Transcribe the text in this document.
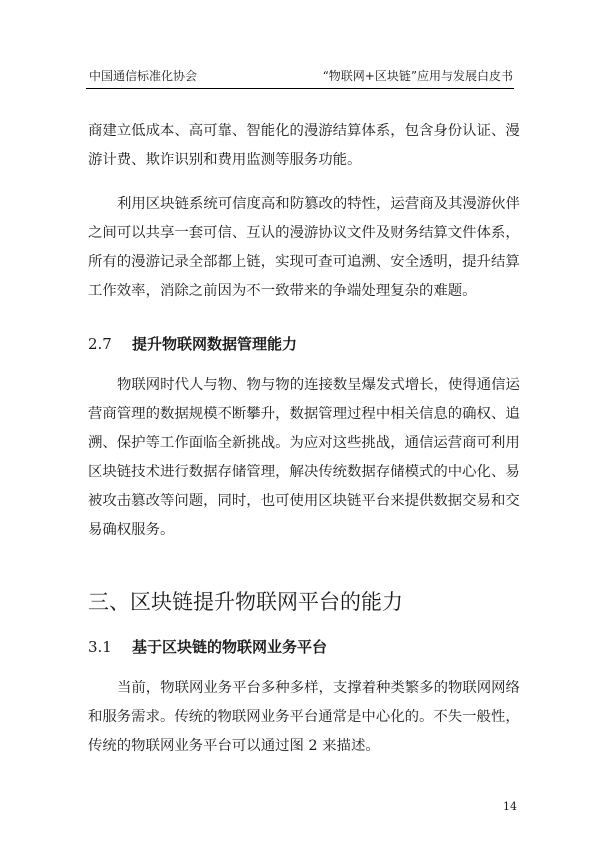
中国通信标准化协会	“物联网+区块链”应用与发展白皮书
商建立低成本、高可靠、智能化的漫游结算体系，包含身份认证、漫
游计费、欺诈识别和费用监测等服务功能。
利用区块链系统可信度高和防篡改的特性，运营商及其漫游伙伴
之间可以共享一套可信、互认的漫游协议文件及财务结算文件体系，
所有的漫游记录全部都上链，实现可查可追溯、安全透明，提升结算
工作效率，消除之前因为不一致带来的争端处理复杂的难题。
2.7 提升物联网数据管理能力
物联网时代人与物、物与物的连接数呈爆发式增长，使得通信运
营商管理的数据规模不断攀升，数据管理过程中相关信息的确权、追
溯、保护等工作面临全新挑战。为应对这些挑战，通信运营商可利用
区块链技术进行数据存储管理，解决传统数据存储模式的中心化、易
被攻击篡改等问题，同时，也可使用区块链平台来提供数据交易和交
易确权服务。
三、区块链提升物联网平台的能力
3.1 基于区块链的物联网业务平台
当前，物联网业务平台多种多样，支撑着种类繁多的物联网网络
和服务需求。传统的物联网业务平台通常是中心化的。不失一般性，
传统的物联网业务平台可以通过图 2 来描述。
14
